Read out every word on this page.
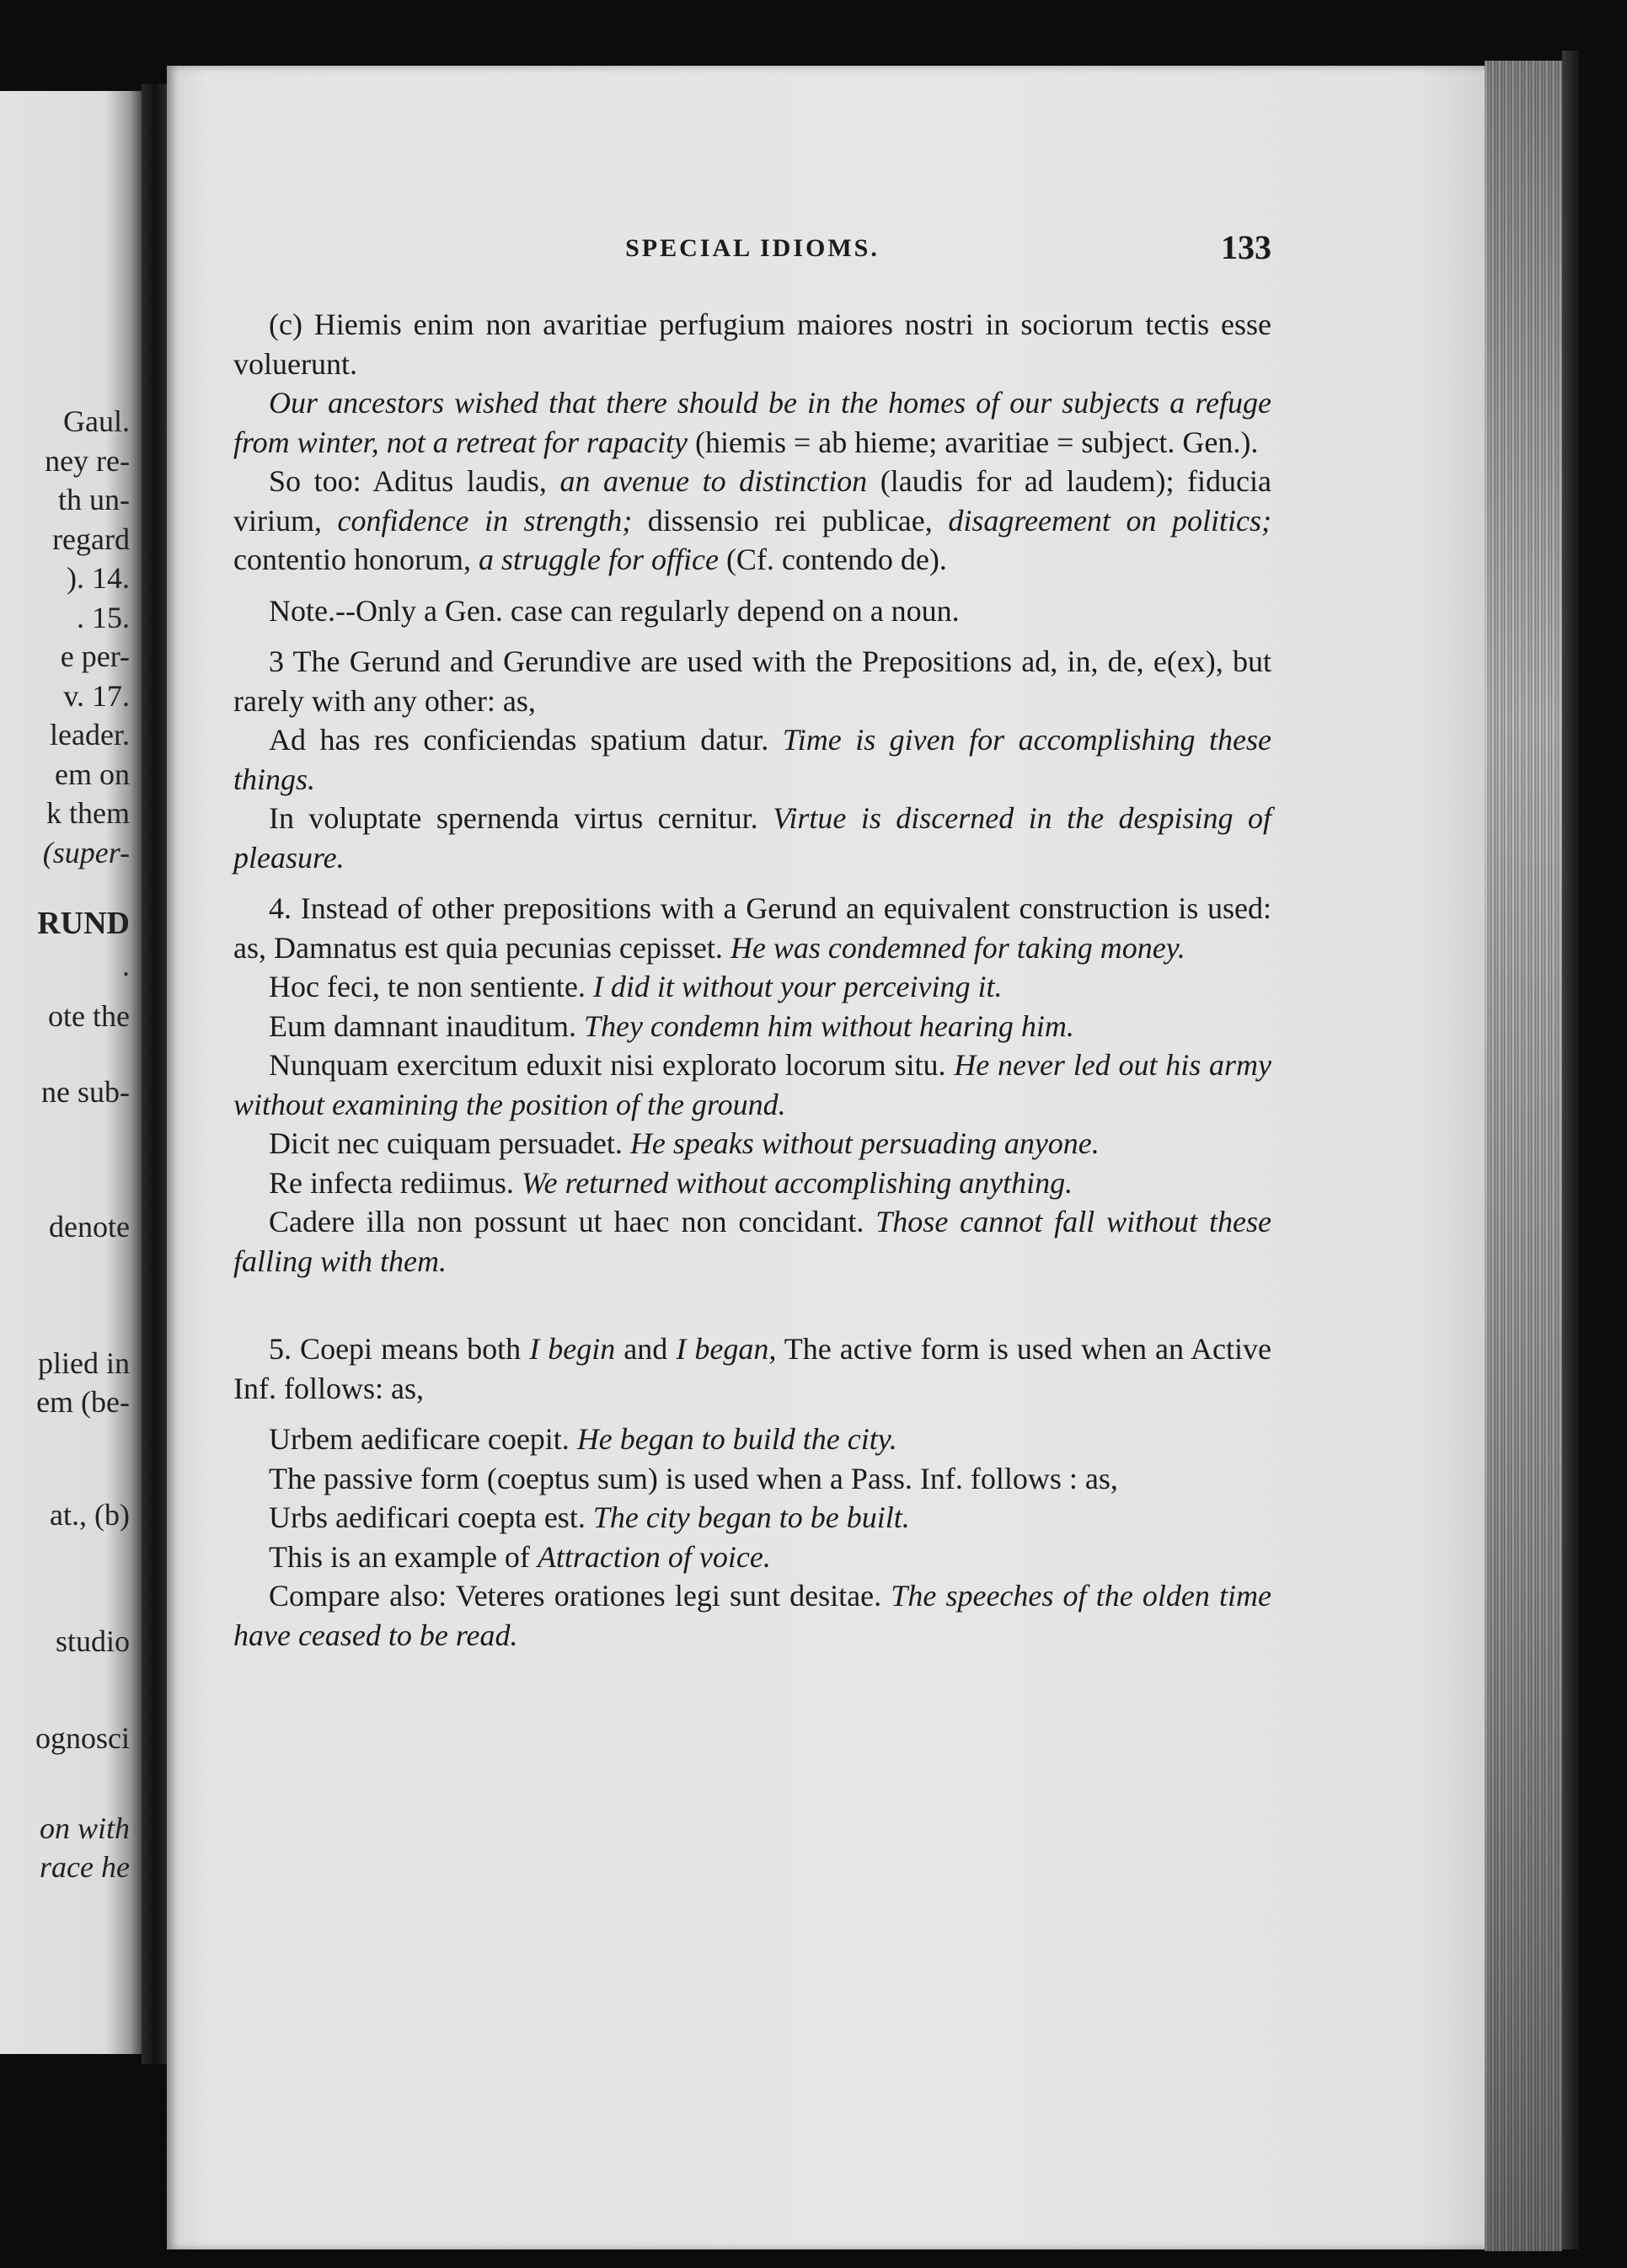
Gaul.
ney re-
th un-
regard
). 14.
. 15.
e per-
v. 17.
leader.
em on
k them
(super-
RUND
.
ote the
ne sub-
denote
plied in
em (be-
at., (b)
studio
ognosci
on with
race he
SPECIAL IDIOMS.	133

(c) Hiemis enim non avaritiae perfugium maiores nostri in sociorum tectis esse voluerunt.

Our ancestors wished that there should be in the homes of our subjects a refuge from winter, not a retreat for rapacity (hiemis = ab hieme; avaritiae = subject. Gen.).

So too: Aditus laudis, an avenue to distinction (laudis for ad laudem); fiducia virium, confidence in strength; dissensio rei publicae, disagreement on politics; contentio honorum, a struggle for office (Cf. contendo de).

Note.--Only a Gen. case can regularly depend on a noun.

3 The Gerund and Gerundive are used with the Prepositions ad, in, de, e(ex), but rarely with any other: as,

Ad has res conficiendas spatium datur. Time is given for accomplishing these things.

In voluptate spernenda virtus cernitur. Virtue is discerned in the despising of pleasure.

4. Instead of other prepositions with a Gerund an equivalent construction is used: as, Damnatus est quia pecunias cepisset. He was condemned for taking money.

Hoc feci, te non sentiente. I did it without your perceiving it.

Eum damnant inauditum. They condemn him without hearing him.

Nunquam exercitum eduxit nisi explorato locorum situ. He never led out his army without examining the position of the ground.

Dicit nec cuiquam persuadet. He speaks without persuading anyone.

Re infecta rediimus. We returned without accomplishing anything.

Cadere illa non possunt ut haec non concidant. Those cannot fall without these falling with them.

5. Coepi means both I begin and I began, The active form is used when an Active Inf. follows: as,

Urbem aedificare coepit. He began to build the city.

The passive form (coeptus sum) is used when a Pass. Inf. follows : as,

Urbs aedificari coepta est. The city began to be built.

This is an example of Attraction of voice.

Compare also: Veteres orationes legi sunt desitae. The speeches of the olden time have ceased to be read.
